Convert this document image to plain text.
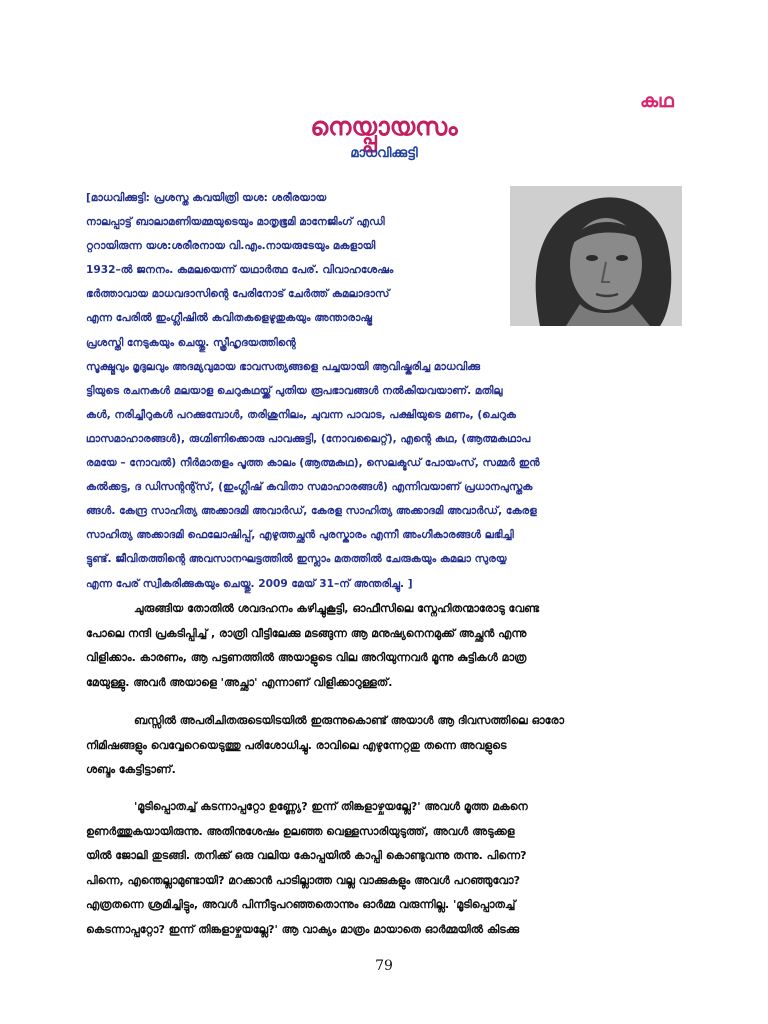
കഥ
നെയ്പ്പായസം
മാധവിക്കുട്ടി
[മാധവിക്കുട്ടി: പ്രശസ്ത കവയിത്രി യശ: ശരീരയായ
നാലപ്പാട്ട് ബാലാമണിയമ്മയുടെയും മാതൃഭൂമി മാനേജിംഗ് എഡി
റ്ററായിരുന്ന യശ:ശരീരനായ വി.എം.നായരുടേയും മകളായി
1932–ൽ ജനനം. കമലയെന്ന് യഥാർത്ഥ പേര്. വിവാഹശേഷം
ഭർത്താവായ മാധവദാസിന്റെ പേരിനോട് ചേർത്ത് കമലാദാസ്
എന്ന പേരിൽ ഇംഗ്ലീഷിൽ കവിതകളെഴുതുകയും അന്താരാഷ്ട്ര
പ്രശസ്തി നേടുകയും ചെയ്തു. സ്ത്രീഹൃദയത്തിന്റെ
സൂക്ഷ്മവും മൃദുലവും അദമ്യവുമായ ഭാവസത്യങ്ങളെ പച്ചയായി ആവിഷ്കരിച്ച മാധവിക്കു
ട്ടിയുടെ രചനകൾ മലയാള ചെറുകഥയ്ക്ക് പുതിയ രൂപഭാവങ്ങൾ നൽകിയവയാണ്. മതിലു
കൾ, നരിച്ചീറുകൾ പറക്കുമ്പോൾ, തരിശുനിലം, ചുവന്ന പാവാട, പക്ഷിയുടെ മണം, (ചെറുക
ഥാസമാഹാരങ്ങൾ), രുഗ്മിണിക്കൊരു പാവക്കുട്ടി, (നോവലൈറ്റ്), എന്റെ കഥ, (ആത്മകഥാപ
രമയേ – നോവൽ) നീർമാതളം പൂത്ത കാലം (ആത്മകഥ), സെലക്ടഡ് പോയംസ്, സമ്മർ ഇൻ
കൽക്കട്ട, ദ ഡിസന്റന്റ്സ്, (ഇംഗ്ലീഷ് കവിതാ സമാഹാരങ്ങൾ) എന്നിവയാണ് പ്രധാനപുസ്തക
ങ്ങൾ. കേന്ദ്ര സാഹിത്യ അക്കാദമി അവാർഡ്, കേരള സാഹിത്യ അക്കാദമി അവാർഡ്, കേരള
സാഹിത്യ അക്കാദമി ഫെലോഷിപ്പ്, എഴുത്തച്ഛൻ പുരസ്കാരം എന്നീ അംഗീകാരങ്ങൾ ലഭിച്ചി
ട്ടുണ്ട്. ജീവിതത്തിന്റെ അവസാനഘട്ടത്തിൽ ഇസ്ലാം മതത്തിൽ ചേരുകയും കമലാ സുരയ്യ
എന്ന പേര് സ്വീകരിക്കുകയും ചെയ്തു. 2009 മേയ് 31–ന് അന്തരിച്ചു. ]
ചുരുങ്ങിയ തോതിൽ ശവദഹനം കഴിച്ചുകൂട്ടി, ഓഫീസിലെ സ്നേഹിതന്മാരോടു വേണ്ട
പോലെ നന്ദി പ്രകടിപ്പിച്ച് , രാത്രി വീട്ടിലേക്കു മടങ്ങുന്ന ആ മനുഷ്യനെനമുക്ക് അച്ഛൻ എന്നു
വിളിക്കാം. കാരണം, ആ പട്ടണത്തിൽ അയാളുടെ വില അറിയുന്നവർ മൂന്നു കുട്ടികൾ മാത്ര
മേയുള്ളു. അവർ അയാളെ 'അച്ഛാ' എന്നാണ് വിളിക്കാറുള്ളത്.
ബസ്സിൽ അപരിചിതരുടെയിടയിൽ ഇരുന്നുകൊണ്ട് അയാൾ ആ ദിവസത്തിലെ ഓരോ
നിമിഷങ്ങളും വെവ്വേറെയെടുത്തു പരിശോധിച്ചു. രാവിലെ എഴുന്നേറ്റതു തന്നെ അവളുടെ
ശബ്ദം കേട്ടിട്ടാണ്.
'മൂടിപ്പൊതച്ച് കടന്നാപ്പറ്റോ ഉണ്ണ്യേ? ഇന്ന് തിങ്കളാഴ്ചയല്ലേ?' അവൾ മൂത്ത മകനെ
ഉണർത്തുകയായിരുന്നു. അതിനുശേഷം ഉലഞ്ഞ വെള്ളസാരിയുടുത്ത്, അവൾ അടുക്കള
യിൽ ജോലി തുടങ്ങി. തനിക്ക് ഒരു വലിയ കോപ്പയിൽ കാപ്പി കൊണ്ടുവന്നു തന്നു. പിന്നെ?
പിന്നെ, എന്തെല്ലാമുണ്ടായി? മറക്കാൻ പാടില്ലാത്ത വല്ല വാക്കുകളും അവൾ പറഞ്ഞുവോ?
എത്രതന്നെ ശ്രമിച്ചിട്ടും, അവൾ പിന്നീടുപറഞ്ഞതൊന്നും ഓർമ്മ വരുന്നില്ല. 'മൂടിപ്പൊതച്ച്
കെടന്നാപ്പറ്റോ? ഇന്ന് തിങ്കളാഴ്ചയല്ലേ?' ആ വാക്യം മാത്രം മായാതെ ഓർമ്മയിൽ കിടക്കു
79
